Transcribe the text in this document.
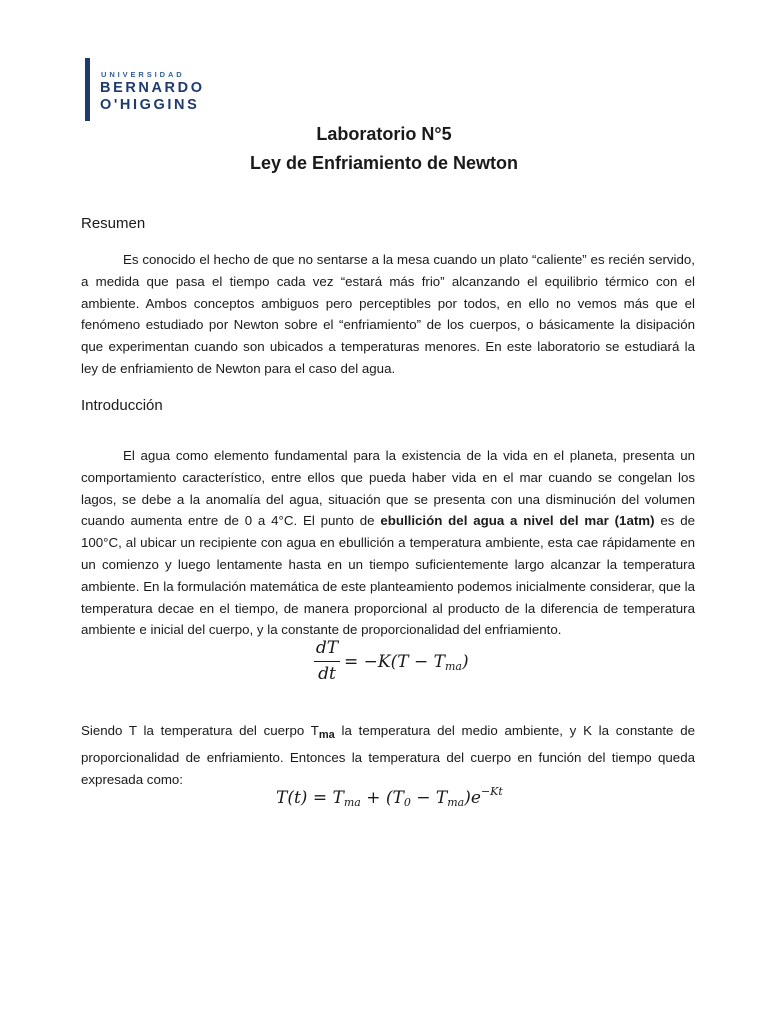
UNIVERSIDAD
BERNARDO
O'HIGGINS
Laboratorio N°5
Ley de Enfriamiento de Newton
Resumen
Es conocido el hecho de que no sentarse a la mesa cuando un plato “caliente” es recién servido, a medida que pasa el tiempo cada vez “estará más frio” alcanzando el equilibrio térmico con el ambiente. Ambos conceptos ambiguos pero perceptibles por todos, en ello no vemos más que el fenómeno estudiado por Newton sobre el “enfriamiento” de los cuerpos, o básicamente la disipación que experimentan cuando son ubicados a temperaturas menores. En este laboratorio se estudiará la ley de enfriamiento de Newton para el caso del agua.
Introducción
El agua como elemento fundamental para la existencia de la vida en el planeta, presenta un comportamiento característico, entre ellos que pueda haber vida en el mar cuando se congelan los lagos, se debe a la anomalía del agua, situación que se presenta con una disminución del volumen cuando aumenta entre de 0 a 4°C. El punto de ebullición del agua a nivel del mar (1atm) es de 100°C, al ubicar un recipiente con agua en ebullición a temperatura ambiente, esta cae rápidamente en un comienzo y luego lentamente hasta en un tiempo suficientemente largo alcanzar la temperatura ambiente. En la formulación matemática de este planteamiento podemos inicialmente considerar, que la temperatura decae en el tiempo, de manera proporcional al producto de la diferencia de temperatura ambiente e inicial del cuerpo, y la constante de proporcionalidad del enfriamiento.
dT
dt
= $-K(T - T_{ma})$
Siendo T la temperatura del cuerpo $T_{ma}$ la temperatura del medio ambiente, y K la constante de proporcionalidad de enfriamiento. Entonces la temperatura del cuerpo en función del tiempo queda expresada como:
$T(t) = T_{ma} + (T_0 - T_{ma})e^{-Kt}$
